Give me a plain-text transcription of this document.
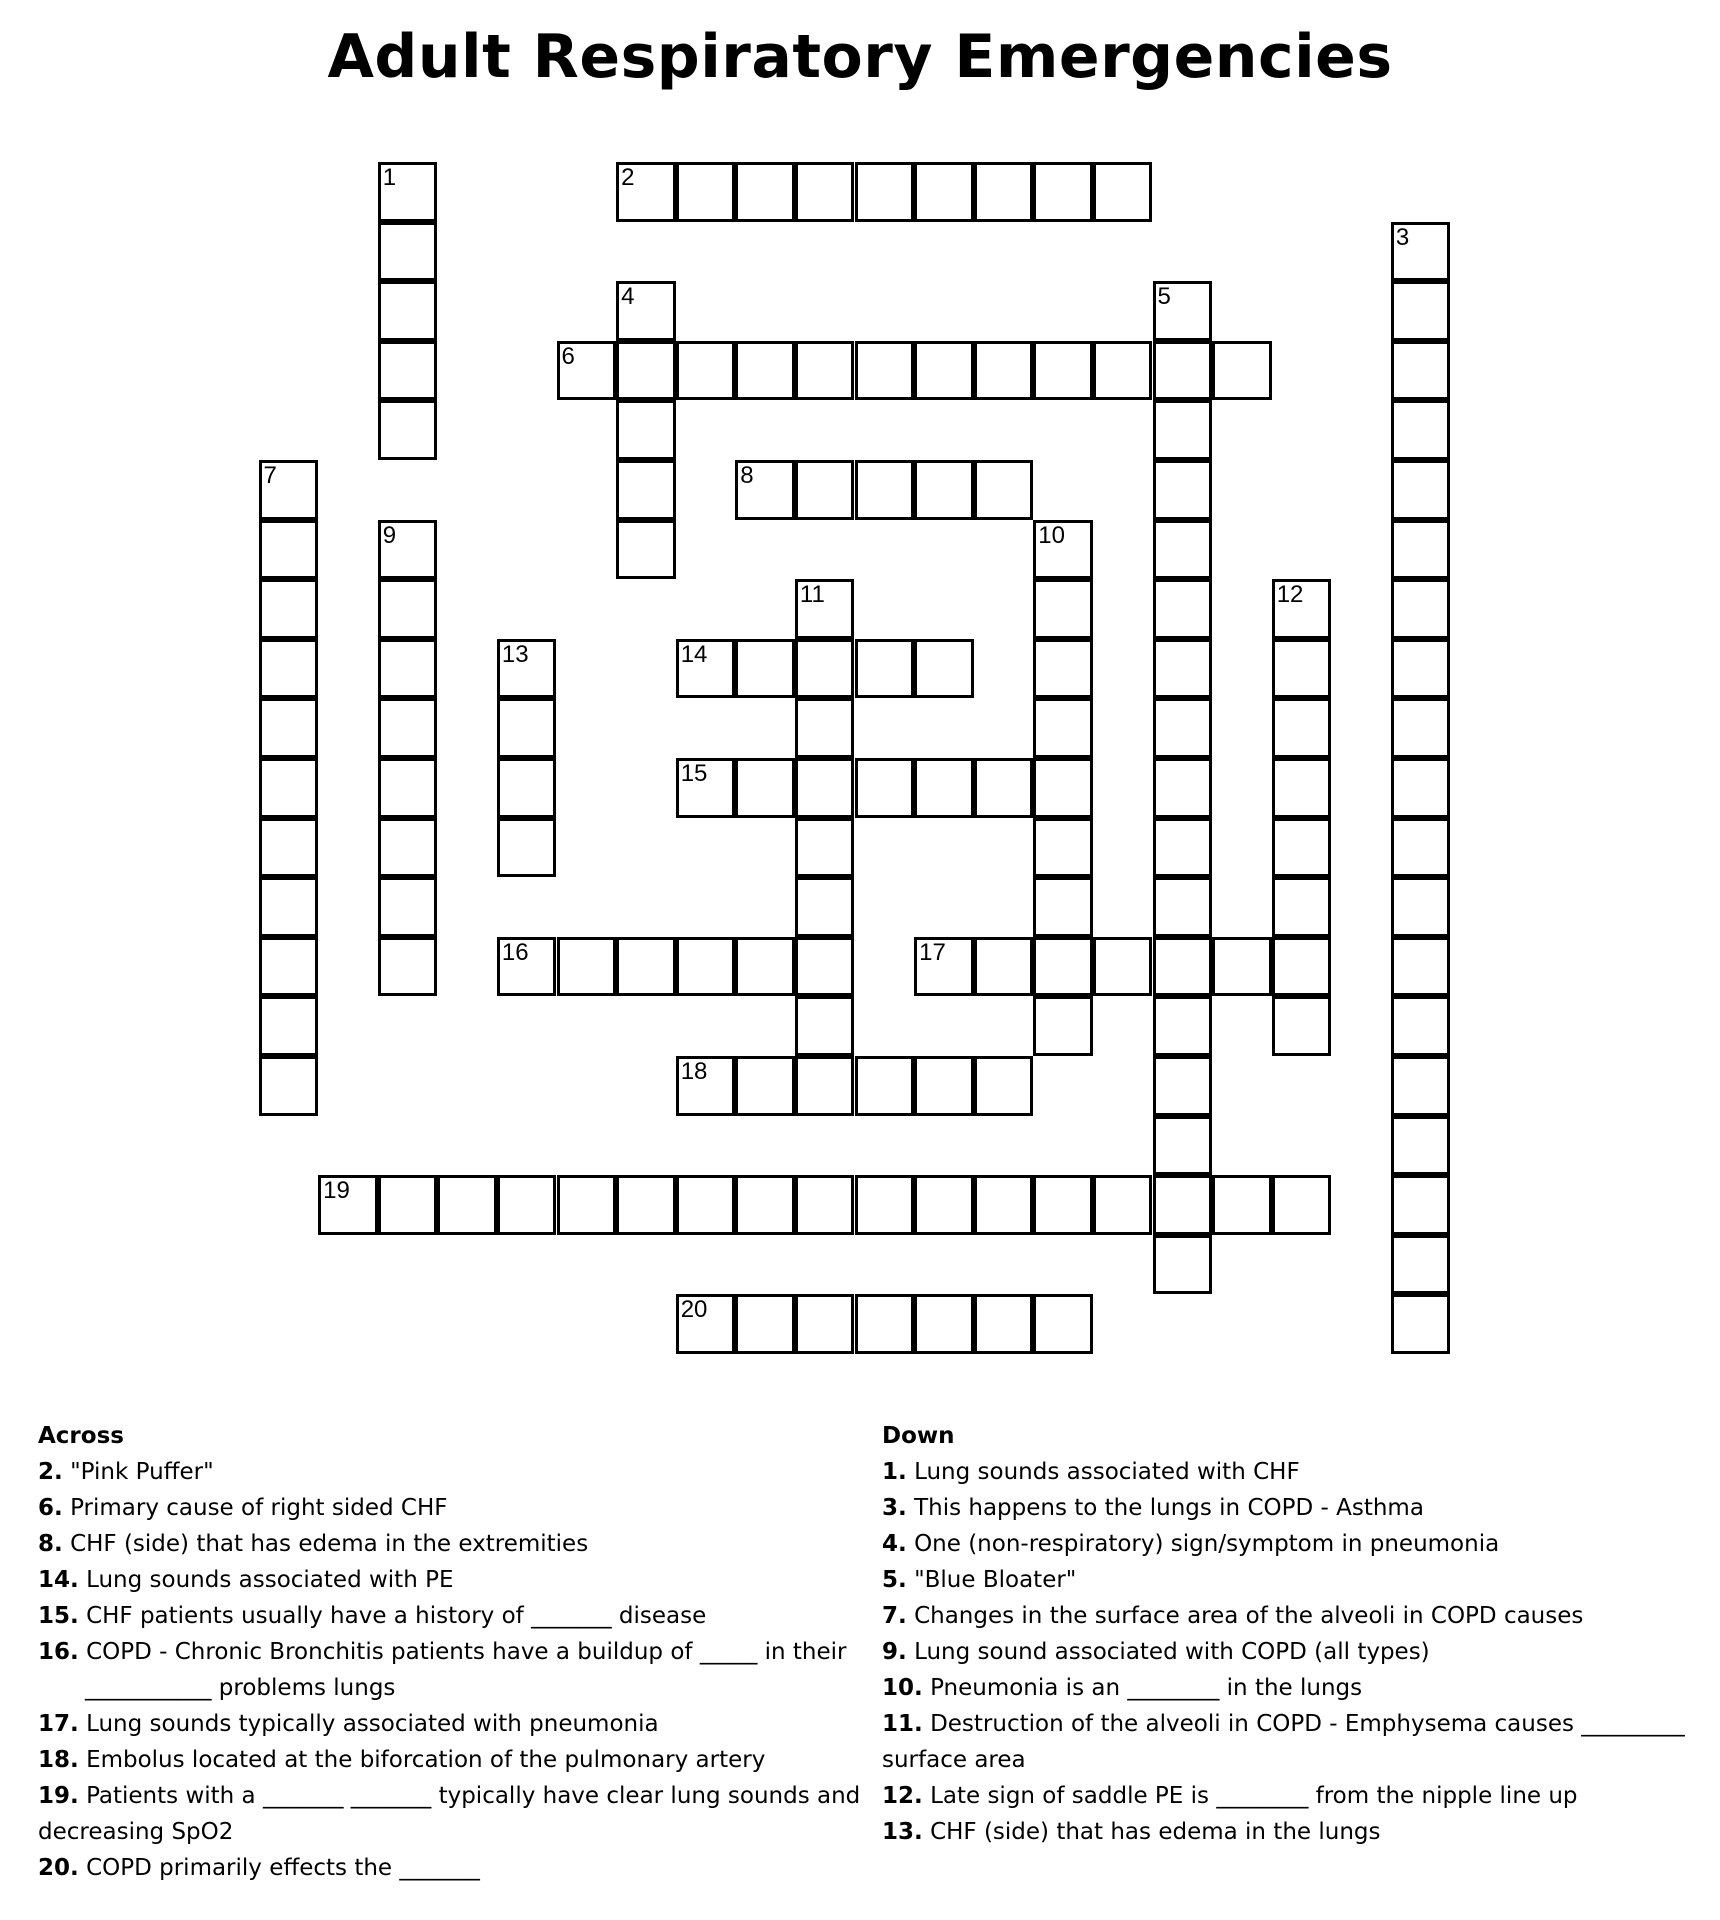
Adult Respiratory Emergencies
1	2
3
4	5
6
7	8
9	10
11	12
13	14
15
16	17
18
19
20
Across
2. "Pink Puffer"
6. Primary cause of right sided CHF
8. CHF (side) that has edema in the extremities
14. Lung sounds associated with PE
15. CHF patients usually have a history of _______ disease
16. COPD - Chronic Bronchitis patients have a buildup of _____ in their ___________ problems lungs
17. Lung sounds typically associated with pneumonia
18. Embolus located at the biforcation of the pulmonary artery
19. Patients with a _______ _______ typically have clear lung sounds and decreasing SpO2
20. COPD primarily effects the _______
Down
1. Lung sounds associated with CHF
3. This happens to the lungs in COPD - Asthma
4. One (non-respiratory) sign/symptom in pneumonia
5. "Blue Bloater"
7. Changes in the surface area of the alveoli in COPD causes
9. Lung sound associated with COPD (all types)
10. Pneumonia is an ________ in the lungs
11. Destruction of the alveoli in COPD - Emphysema causes _________ surface area
12. Late sign of saddle PE is ________ from the nipple line up
13. CHF (side) that has edema in the lungs
